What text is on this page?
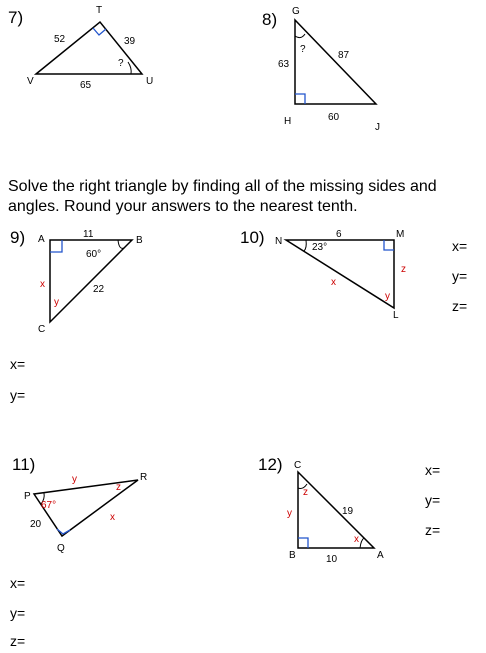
7)	8)
9)	10)
11)	12)
Solve the right triangle by finding all of the missing sides and
angles. Round your answers to the nearest tenth.
x=
y=
x=
y=
z=
x=
y=
z=
x=
y=
z=
T
V	U
52	39
65
?
G
H
J
63
87
60
?
A	B
C
11
22
x
60°
y
N
M
L
6
x
z
23°
y
P
Q
R
y
20
x
67°
z
C
B	A
y	19
10
z
x
